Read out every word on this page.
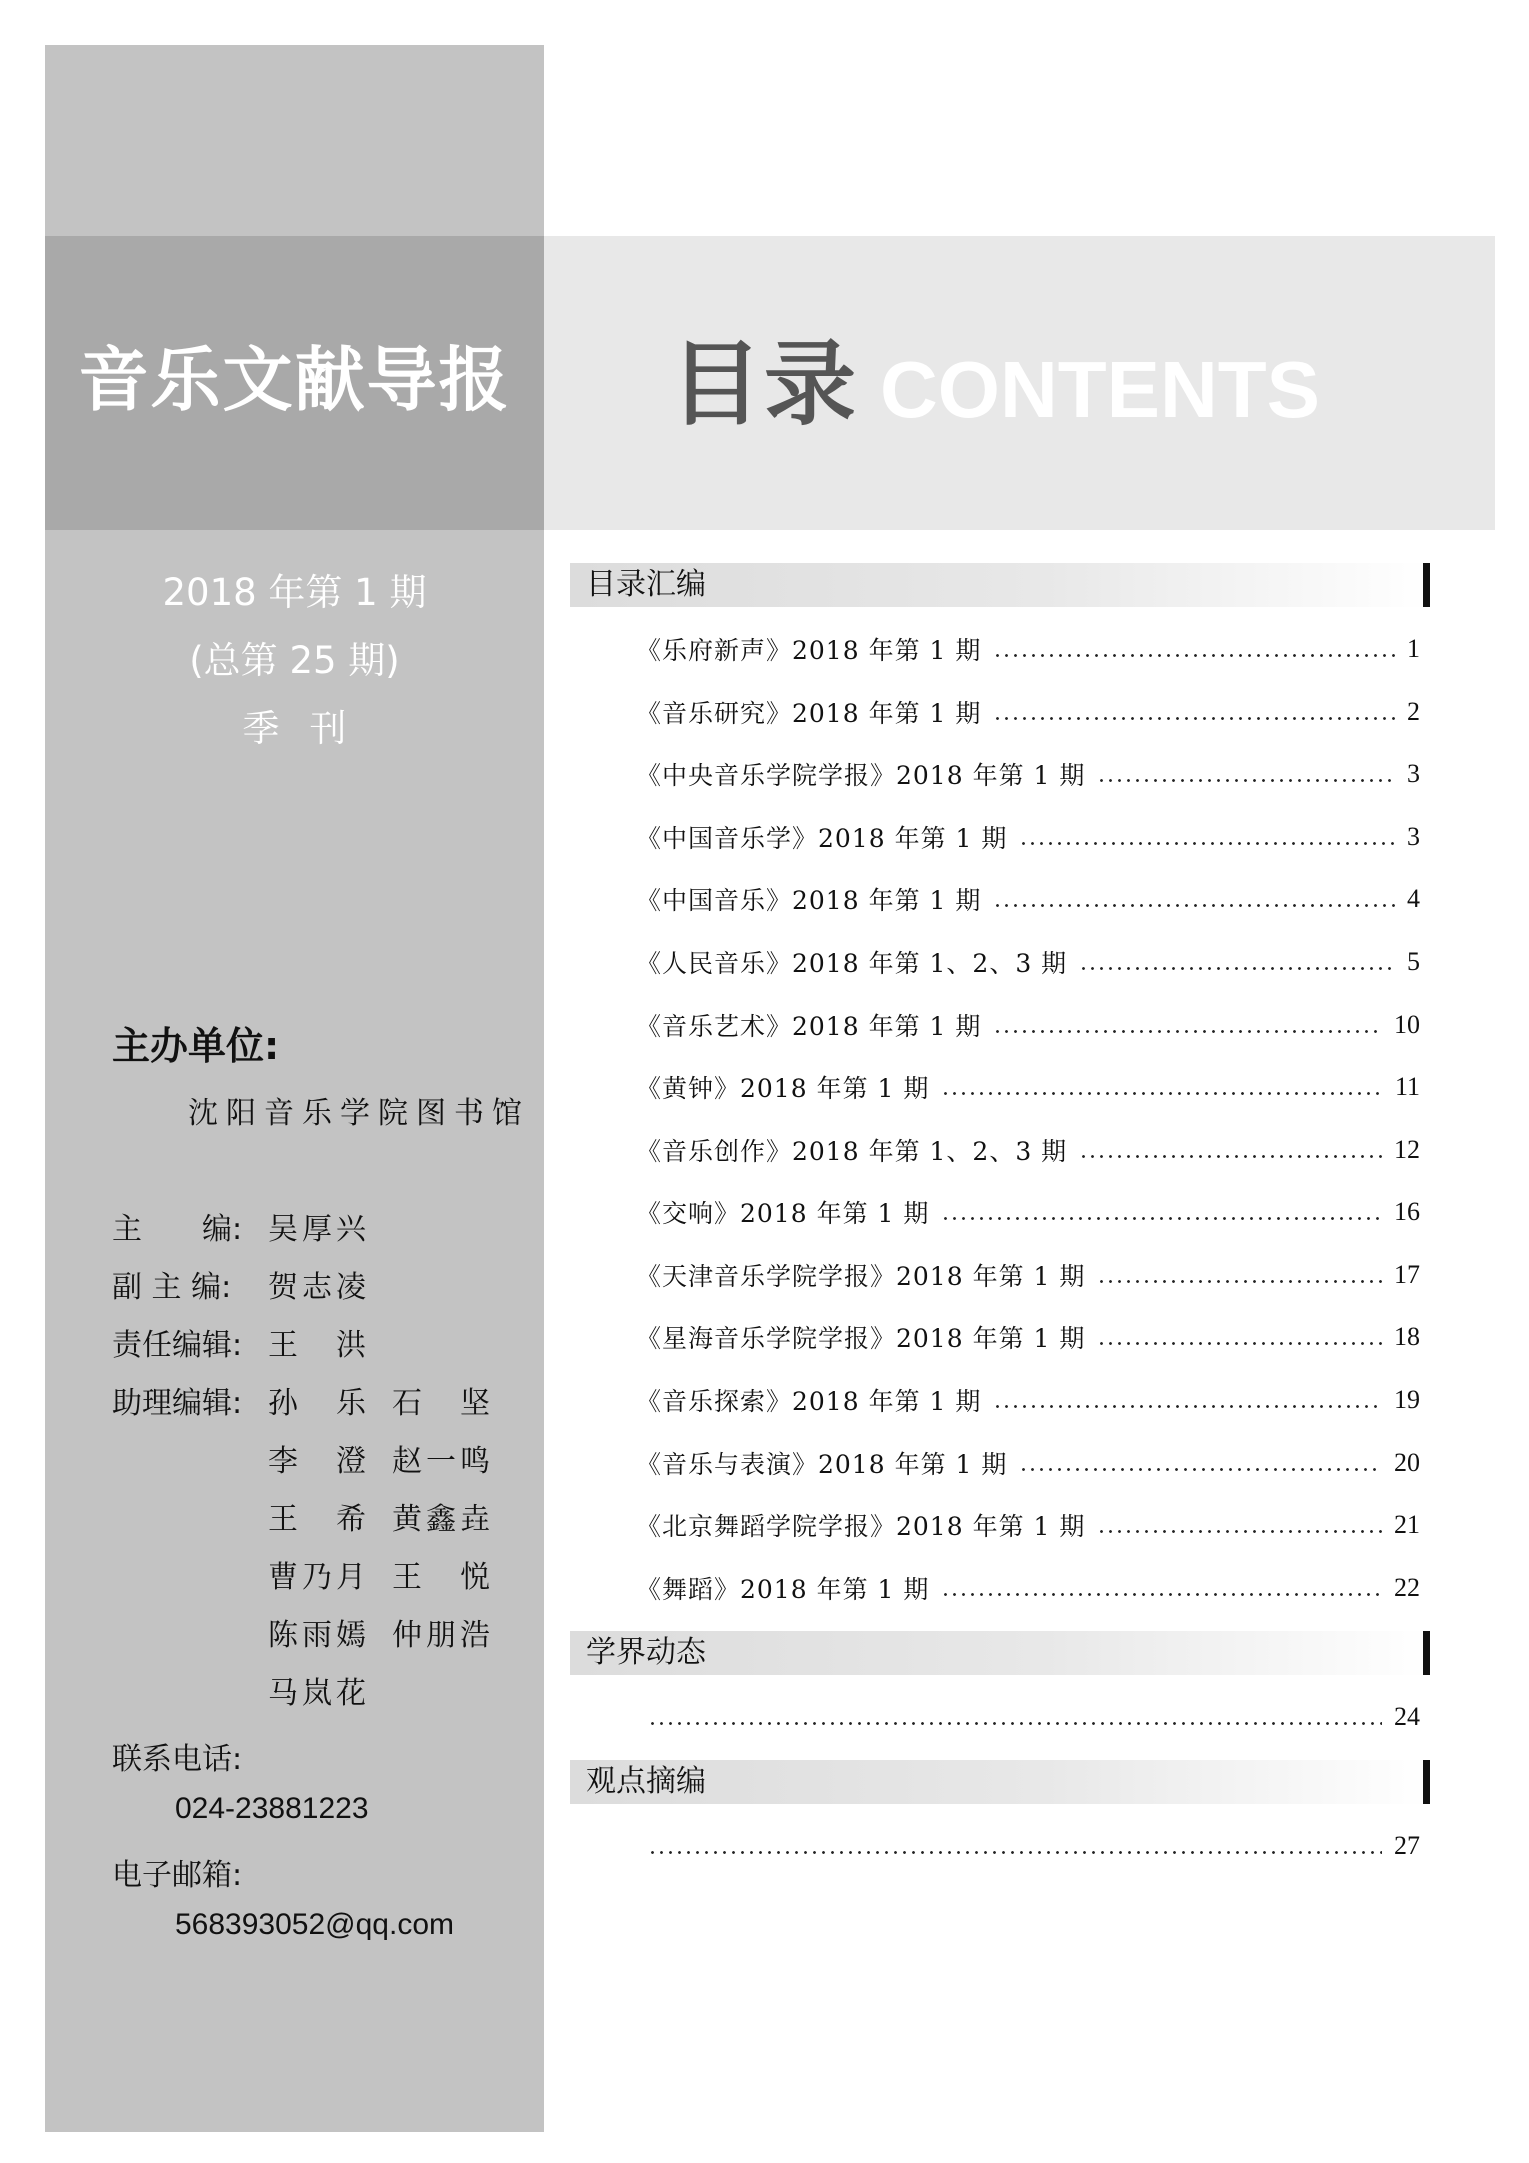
音乐文献导报	目录 CONTENTS
2018 年第 1 期
(总第 25 期)
季刊
主办单位:
沈阳音乐学院图书馆
主　　编: 吴厚兴
副 主 编: 贺志凌
责任编辑: 王　洪
助理编辑: 孙　乐 石　坚
李　澄 赵一鸣
王　希 黄鑫垚
曹乃月 王　悦
陈雨嫣 仲朋浩
马岚花
联系电话:
024-23881223
电子邮箱:
568393052@qq.com
目录汇编
《乐府新声》2018 年第 1 期	1
《音乐研究》2018 年第 1 期	2
《中央音乐学院学报》2018 年第 1 期	3
《中国音乐学》2018 年第 1 期	3
《中国音乐》2018 年第 1 期	4
《人民音乐》2018 年第 1、2、3 期	5
《音乐艺术》2018 年第 1 期	10
《黄钟》2018 年第 1 期	11
《音乐创作》2018 年第 1、2、3 期	12
《交响》2018 年第 1 期	16
《天津音乐学院学报》2018 年第 1 期	17
《星海音乐学院学报》2018 年第 1 期	18
《音乐探索》2018 年第 1 期	19
《音乐与表演》2018 年第 1 期	20
《北京舞蹈学院学报》2018 年第 1 期	21
《舞蹈》2018 年第 1 期	22
学界动态
24
观点摘编
27
